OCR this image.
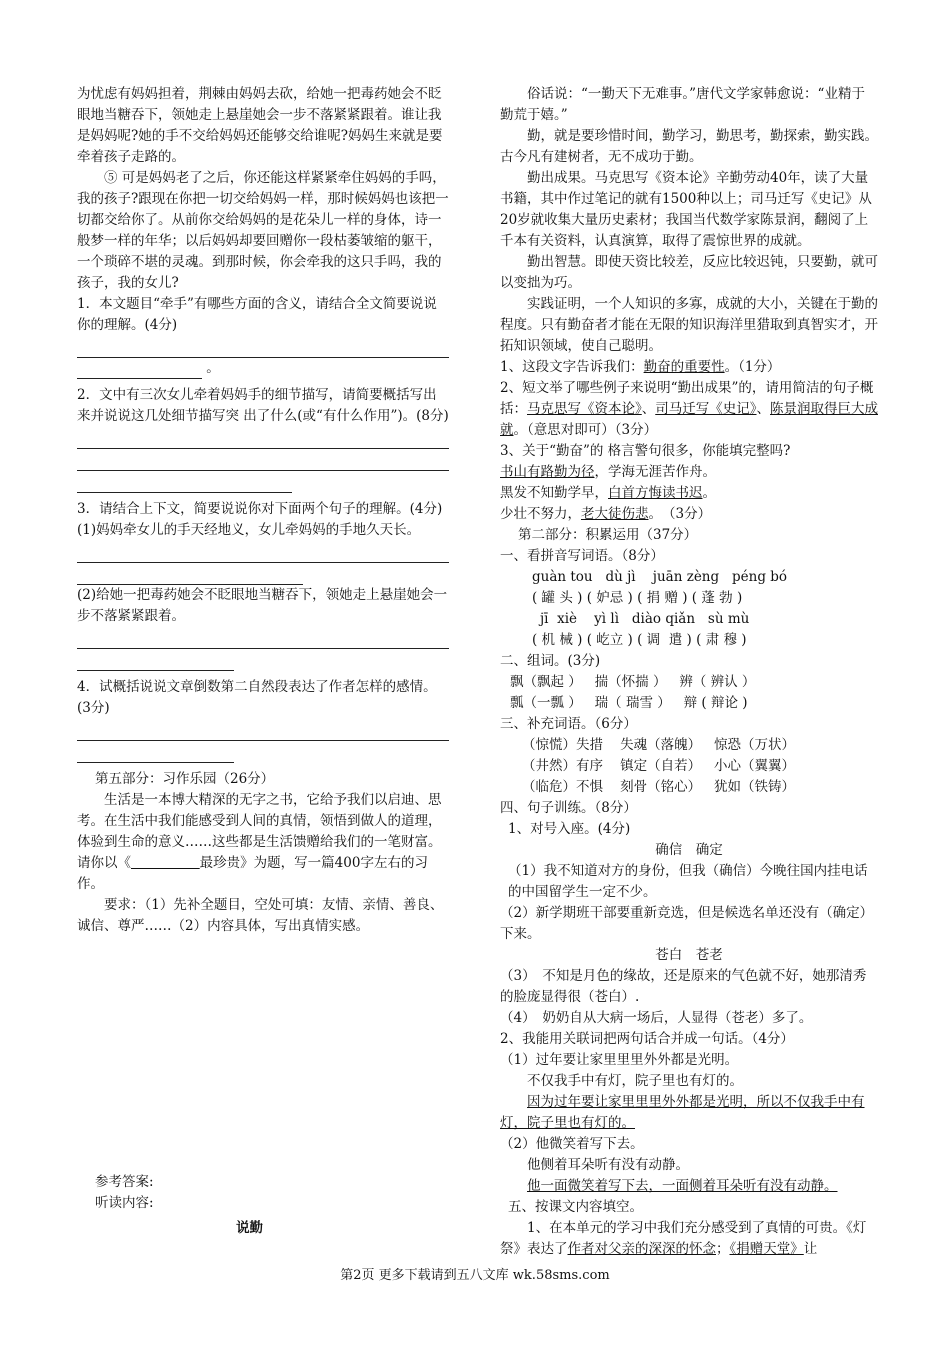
为忧虑有妈妈担着，荆棘由妈妈去砍，给她一把毒药她会不眨眼地当糖吞下，领她走上悬崖她会一步不落紧紧跟着。谁让我是妈妈呢?她的手不交给妈妈还能够交给谁呢?妈妈生来就是要牵着孩子走路的。

⑤ 可是妈妈老了之后，你还能这样紧紧牵住妈妈的手吗，我的孩子?跟现在你把一切交给妈妈一样，那时候妈妈也该把一切都交给你了。从前你交给妈妈的是花朵儿一样的身体，诗一般梦一样的年华；以后妈妈却要回赠你一段枯萎皱缩的躯干，一个琐碎不堪的灵魂。到那时候，你会牵我的这只手吗，我的孩子，我的女儿?

1．本文题目“牵手”有哪些方面的含义，请结合全文简要说说你的理解。(4分)

。

2．文中有三次女儿牵着妈妈手的细节描写，请简要概括写出来并说说这几处细节描写突 出了什么(或“有什么作用”)。(8分)

3．请结合上下文，简要说说你对下面两个句子的理解。(4分)

(1)妈妈牵女儿的手天经地义，女儿牵妈妈的手地久天长。

(2)给她一把毒药她会不眨眼地当糖吞下，领她走上悬崖她会一步不落紧紧跟着。

4．试概括说说文章倒数第二自然段表达了作者怎样的感情。(3分)

第五部分：习作乐园（26分）

生活是一本博大精深的无字之书，它给予我们以启迪、思考。在生活中我们能感受到人间的真情，领悟到做人的道理，体验到生命的意义……这些都是生活馈赠给我们的一笔财富。请你以《	最珍贵》为题，写一篇400字左右的习作。

要求：（1）先补全题目，空处可填：友情、亲情、善良、诚信、尊严……（2）内容具体，写出真情实感。

参考答案:

听读内容:

说勤

俗话说：“一勤天下无难事。”唐代文学家韩愈说：“业精于勤荒于嬉。”

勤，就是要珍惜时间，勤学习，勤思考，勤探索，勤实践。古今凡有建树者，无不成功于勤。

勤出成果。马克思写《资本论》辛勤劳动40年，读了大量书籍，其中作过笔记的就有1500种以上；司马迁写《史记》从20岁就收集大量历史素材；我国当代数学家陈景润，翻阅了上千本有关资料，认真演算，取得了震惊世界的成就。

勤出智慧。即使天资比较差，反应比较迟钝，只要勤，就可以变拙为巧。

实践证明，一个人知识的多寡，成就的大小，关键在于勤的程度。只有勤奋者才能在无限的知识海洋里猎取到真智实才，开拓知识领域，使自己聪明。

1、这段文字告诉我们：勤奋的重要性。（1分）

2、短文举了哪些例子来说明“勤出成果”的，请用简洁的句子概括：马克思写《资本论》、司马迁写《史记》、陈景润取得巨大成就。（意思对即可）（3分）

3、关于“勤奋”的 格言警句很多，你能填完整吗?

书山有路勤为径，学海无涯苦作舟。

黑发不知勤学早，白首方悔读书迟。

少壮不努力，老大徒伤悲。　（3分）

第二部分：积累运用（37分）

一、看拼音写词语。（8分）

guàn tou   dù jì    juān zèng   péng bó

( 罐 头 ) ( 妒忌 ) ( 捐 赠 ) ( 蓬 勃 )

jī  xiè    yì lì   diào qiǎn   sù mù

( 机 械 ) ( 屹立 ) ( 调  遣 ) ( 肃 穆 )

二、组词。(3分)

飘（飘起 ）   揣（怀揣 ）   辨（ 辨认 ）

瓢（一瓢 ）   瑞（ 瑞雪 ）   辩 ( 辩论 )

三、补充词语。（6分）

（惊慌）失措    失魂（落魄）   惊恐（万状）

（井然）有序    镇定（自若）   小心（翼翼）

（临危）不惧    刻骨（铭心）   犹如（铁铸）

四、句子训练。（8分）

1、对号入座。(4分)

确信　确定

（1）我不知道对方的身份，但我（确信）今晚往国内挂电话的中国留学生一定不少。

（2）新学期班干部要重新竞选，但是候选名单还没有（确定）下来。

苍白　苍老

（3）　不知是月色的缘故，还是原来的气色就不好，她那清秀的脸庞显得很（苍白）.

（4）　奶奶自从大病一场后，人显得（苍老）多了。

2、我能用关联词把两句话合并成一句话。（4分）

（1）过年要让家里里里外外都是光明。

不仅我手中有灯，院子里也有灯的。

因为过年要让家里里里外外都是光明，所以不仅我手中有灯，院子里也有灯的。

（2）他微笑着写下去。

他侧着耳朵听有没有动静。

他一面微笑着写下去，一面侧着耳朵听有没有动静。

五、按课文内容填空。

1、在本单元的学习中我们充分感受到了真情的可贵。《灯祭》表达了作者对父亲的深深的怀念；《捐赠天堂》让

第2页 更多下载请到五八文库 wk.58sms.com
